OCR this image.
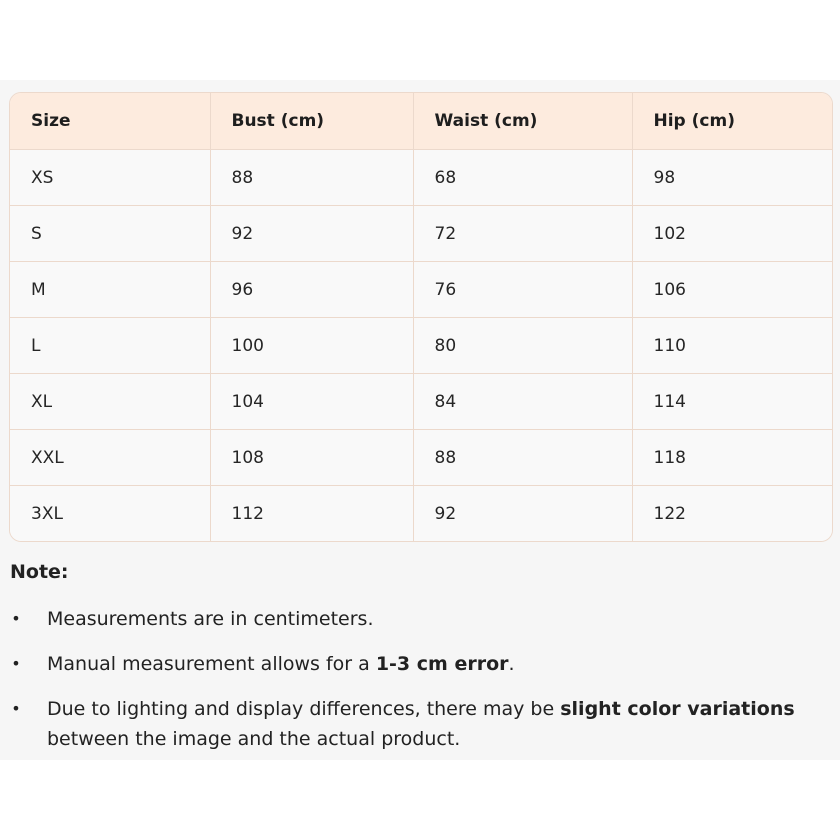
Size	Bust (cm)	Waist (cm)	Hip (cm)
XS	88	68	98
S	92	72	102
M	96	76	106
L	100	80	110
XL	104	84	114
XXL	108	88	118
3XL	112	92	122
Note:
• Measurements are in centimeters.
• Manual measurement allows for a 1-3 cm error.
• Due to lighting and display differences, there may be slight color variations between the image and the actual product.
